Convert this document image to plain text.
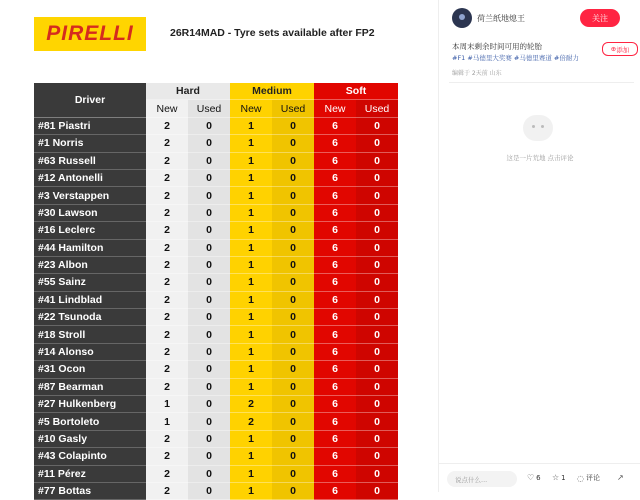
PIRELLI	26R14MAD - Tyre sets available after FP2
Driver	Hard		Medium		Soft	
	New	Used	New	Used	New	Used
#81 Piastri	2	0	1	0	6	0
#1 Norris	2	0	1	0	6	0
#63 Russell	2	0	1	0	6	0
#12 Antonelli	2	0	1	0	6	0
#3 Verstappen	2	0	1	0	6	0
#30 Lawson	2	0	1	0	6	0
#16 Leclerc	2	0	1	0	6	0
#44 Hamilton	2	0	1	0	6	0
#23 Albon	2	0	1	0	6	0
#55 Sainz	2	0	1	0	6	0
#41 Lindblad	2	0	1	0	6	0
#22 Tsunoda	2	0	1	0	6	0
#18 Stroll	2	0	1	0	6	0
#14 Alonso	2	0	1	0	6	0
#31 Ocon	2	0	1	0	6	0
#87 Bearman	2	0	1	0	6	0
#27 Hulkenberg	1	0	2	0	6	0
#5 Bortoleto	1	0	2	0	6	0
#10 Gasly	2	0	1	0	6	0
#43 Colapinto	2	0	1	0	6	0
#11 Pérez	2	0	1	0	6	0
#77 Bottas	2	0	1	0	6	0
荷兰纸地熄王	关注
本周末剩余时间可用的轮胎
#F1 #马德里大奖赛 #马德里赛道 #倍耐力
编辑于 2天前 山东
⊕ 添加
这是一片荒地 点击评论
说点什么...	♡ 6 ☆ 1 ◌ 评论 ↗
